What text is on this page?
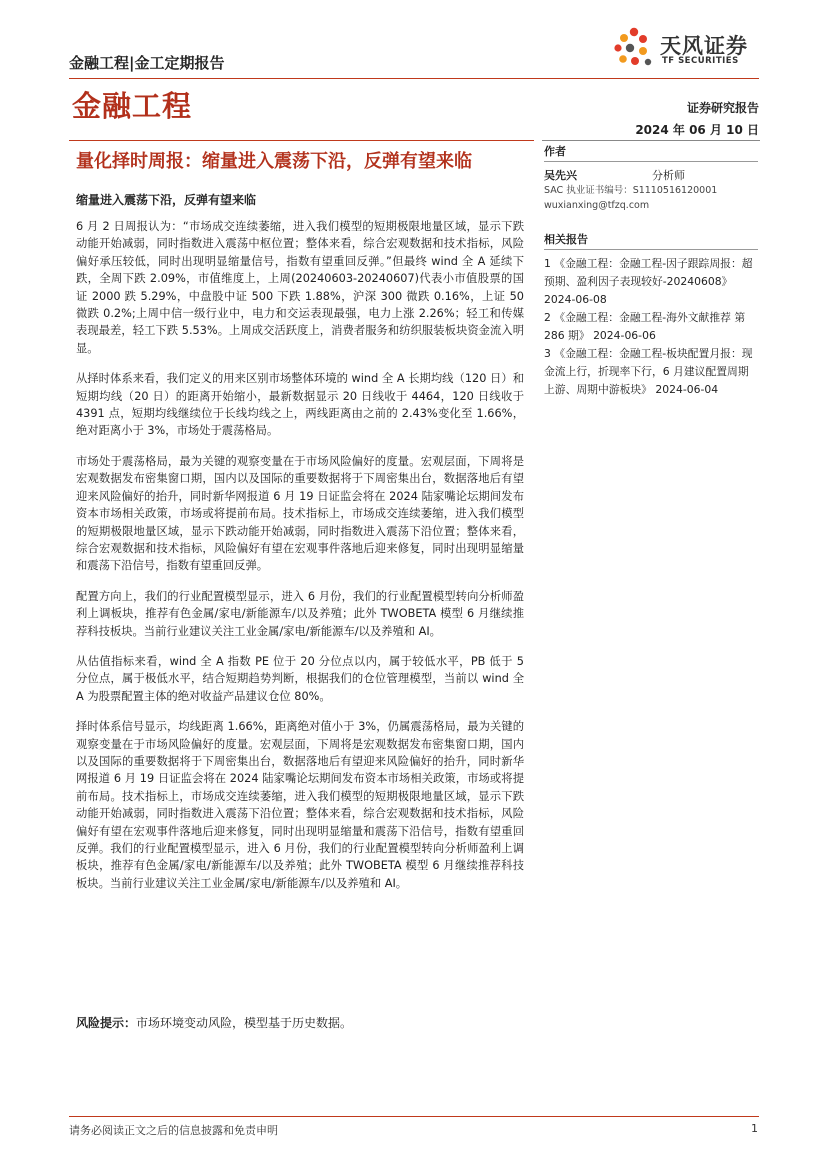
金融工程|金工定期报告
金融工程
天风证券
TF SECURITIES
证券研究报告
2024 年 06 月 10 日
量化择时周报：缩量进入震荡下沿，反弹有望来临
缩量进入震荡下沿，反弹有望来临

6 月 2 日周报认为：“市场成交连续萎缩，进入我们模型的短期极限地量区域，显示下跌动能开始减弱，同时指数进入震荡中枢位置；整体来看，综合宏观数据和技术指标，风险偏好承压较低，同时出现明显缩量信号，指数有望重回反弹。”但最终 wind 全 A 延续下跌，全周下跌 2.09%，市值维度上，上周(20240603-20240607)代表小市值股票的国证 2000 跌 5.29%，中盘股中证 500 下跌 1.88%，沪深 300 微跌 0.16%，上证 50 微跌 0.2%;上周中信一级行业中，电力和交运表现最强，电力上涨 2.26%；轻工和传媒表现最差，轻工下跌 5.53%。上周成交活跃度上，消费者服务和纺织服装板块资金流入明显。

从择时体系来看，我们定义的用来区别市场整体环境的 wind 全 A 长期均线（120 日）和短期均线（20 日）的距离开始缩小，最新数据显示 20 日线收于 4464，120 日线收于 4391 点，短期均线继续位于长线均线之上，两线距离由之前的 2.43%变化至 1.66%，绝对距离小于 3%，市场处于震荡格局。

市场处于震荡格局，最为关键的观察变量在于市场风险偏好的度量。宏观层面，下周将是宏观数据发布密集窗口期，国内以及国际的重要数据将于下周密集出台，数据落地后有望迎来风险偏好的抬升，同时新华网报道 6 月 19 日证监会将在 2024 陆家嘴论坛期间发布资本市场相关政策，市场或将提前布局。技术指标上，市场成交连续萎缩，进入我们模型的短期极限地量区域，显示下跌动能开始减弱，同时指数进入震荡下沿位置；整体来看，综合宏观数据和技术指标，风险偏好有望在宏观事件落地后迎来修复，同时出现明显缩量和震荡下沿信号，指数有望重回反弹。

配置方向上，我们的行业配置模型显示，进入 6 月份，我们的行业配置模型转向分析师盈利上调板块，推荐有色金属/家电/新能源车/以及养殖；此外 TWOBETA 模型 6 月继续推荐科技板块。当前行业建议关注工业金属/家电/新能源车/以及养殖和 AI。

从估值指标来看，wind 全 A 指数 PE 位于 20 分位点以内，属于较低水平，PB 低于 5 分位点，属于极低水平，结合短期趋势判断，根据我们的仓位管理模型，当前以 wind 全 A 为股票配置主体的绝对收益产品建议仓位 80%。

择时体系信号显示，均线距离 1.66%，距离绝对值小于 3%，仍属震荡格局，最为关键的观察变量在于市场风险偏好的度量。宏观层面，下周将是宏观数据发布密集窗口期，国内以及国际的重要数据将于下周密集出台，数据落地后有望迎来风险偏好的抬升，同时新华网报道 6 月 19 日证监会将在 2024 陆家嘴论坛期间发布资本市场相关政策，市场或将提前布局。技术指标上，市场成交连续萎缩，进入我们模型的短期极限地量区域，显示下跌动能开始减弱，同时指数进入震荡下沿位置；整体来看，综合宏观数据和技术指标，风险偏好有望在宏观事件落地后迎来修复，同时出现明显缩量和震荡下沿信号，指数有望重回反弹。我们的行业配置模型显示，进入 6 月份，我们的行业配置模型转向分析师盈利上调板块，推荐有色金属/家电/新能源车/以及养殖；此外 TWOBETA 模型 6 月继续推荐科技板块。当前行业建议关注工业金属/家电/新能源车/以及养殖和 AI。

风险提示：市场环境变动风险，模型基于历史数据。
作者
吴先兴	分析师
SAC 执业证书编号：S1110516120001
wuxianxing@tfzq.com
相关报告
1 《金融工程：金融工程-因子跟踪周报：超预期、盈利因子表现较好-20240608》 2024-06-08
2 《金融工程：金融工程-海外文献推荐 第 286 期》 2024-06-06
3 《金融工程：金融工程-板块配置月报：现金流上行，折现率下行，6 月建议配置周期上游、周期中游板块》 2024-06-04
请务必阅读正文之后的信息披露和免责申明	1
